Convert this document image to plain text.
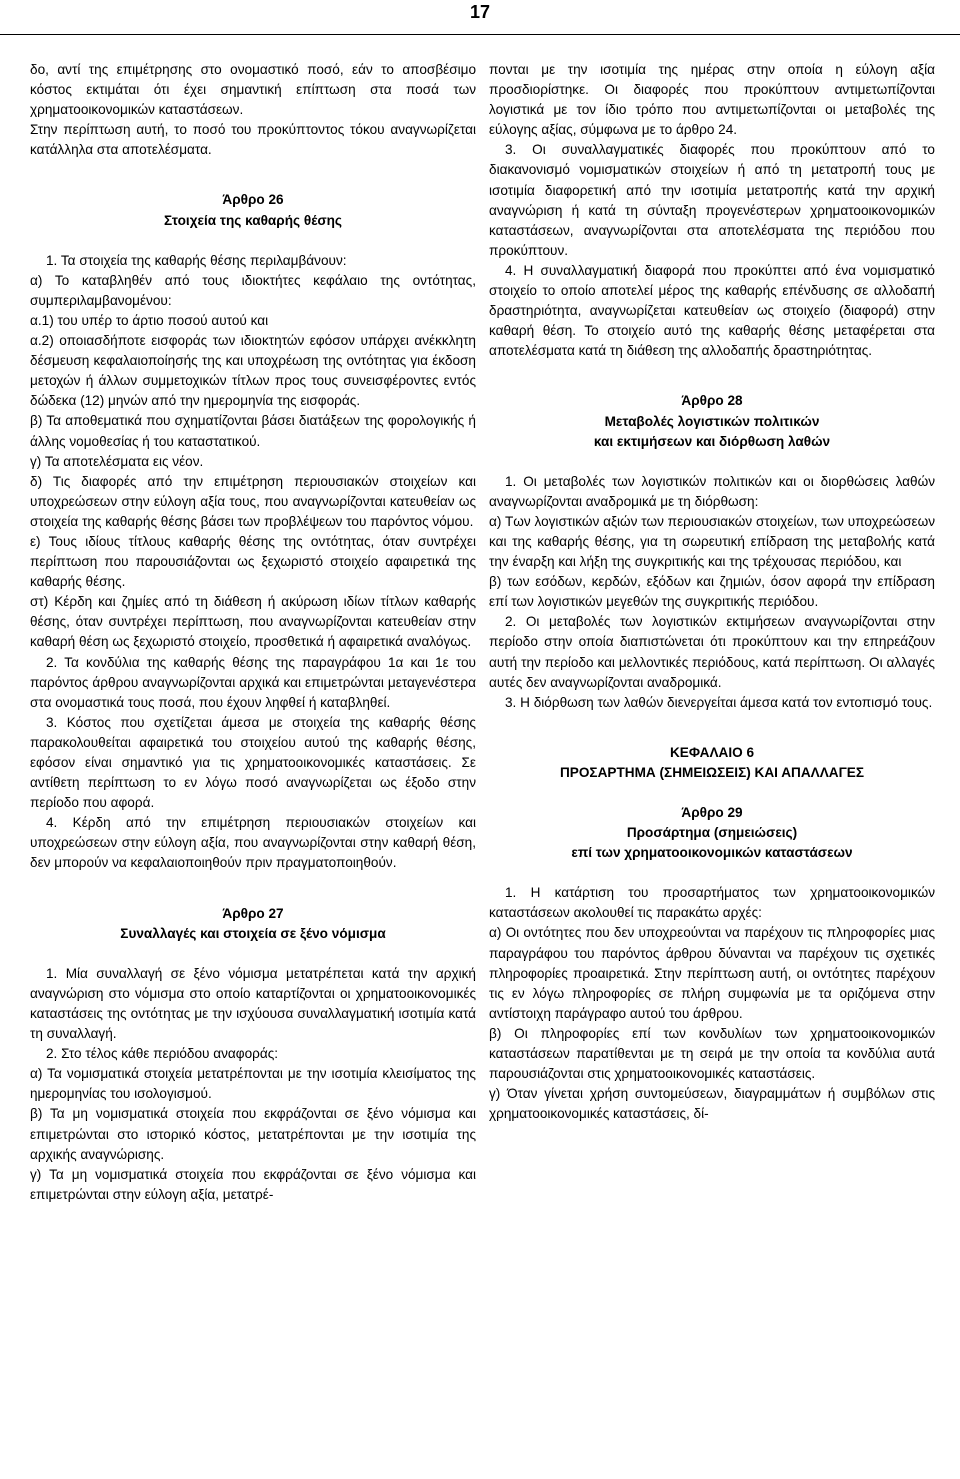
17

δο, αντί της επιμέτρησης στο ονομαστικό ποσό, εάν το αποσβέσιμο κόστος εκτιμάται ότι έχει σημαντική επίπτωση στα ποσά των χρηματοοικονομικών καταστάσεων.

Στην περίπτωση αυτή, το ποσό του προκύπτοντος τόκου αναγνωρίζεται κατάλληλα στα αποτελέσματα.

Άρθρο 26

Στοιχεία της καθαρής θέσης

1. Τα στοιχεία της καθαρής θέσης περιλαμβάνουν:

α) Το καταβληθέν από τους ιδιοκτήτες κεφάλαιο της οντότητας, συμπεριλαμβανομένου:

α.1) του υπέρ το άρτιο ποσού αυτού και

α.2) οποιασδήποτε εισφοράς των ιδιοκτητών εφόσον υπάρχει ανέκκλητη δέσμευση κεφαλαιοποίησής της και υποχρέωση της οντότητας για έκδοση μετοχών ή άλλων συμμετοχικών τίτλων προς τους συνεισφέροντες εντός δώδεκα (12) μηνών από την ημερομηνία της εισφοράς.

β) Τα αποθεματικά που σχηματίζονται βάσει διατάξεων της φορολογικής ή άλλης νομοθεσίας ή του καταστατικού.

γ) Τα αποτελέσματα εις νέον.

δ) Τις διαφορές από την επιμέτρηση περιουσιακών στοιχείων και υποχρεώσεων στην εύλογη αξία τους, που αναγνωρίζονται κατευθείαν ως στοιχεία της καθαρής θέσης βάσει των προβλέψεων του παρόντος νόμου.

ε) Τους ιδίους τίτλους καθαρής θέσης της οντότητας, όταν συντρέχει περίπτωση που παρουσιάζονται ως ξεχωριστό στοιχείο αφαιρετικά της καθαρής θέσης.

στ) Κέρδη και ζημίες από τη διάθεση ή ακύρωση ιδίων τίτλων καθαρής θέσης, όταν συντρέχει περίπτωση, που αναγνωρίζονται κατευθείαν στην καθαρή θέση ως ξεχωριστό στοιχείο, προσθετικά ή αφαιρετικά αναλόγως.

2. Τα κονδύλια της καθαρής θέσης της παραγράφου 1α και 1ε του παρόντος άρθρου αναγνωρίζονται αρχικά και επιμετρώνται μεταγενέστερα στα ονομαστικά τους ποσά, που έχουν ληφθεί ή καταβληθεί.

3. Κόστος που σχετίζεται άμεσα με στοιχεία της καθαρής θέσης παρακολουθείται αφαιρετικά του στοιχείου αυτού της καθαρής θέσης, εφόσον είναι σημαντικό για τις χρηματοοικονομικές καταστάσεις. Σε αντίθετη περίπτωση το εν λόγω ποσό αναγνωρίζεται ως έξοδο στην περίοδο που αφορά.

4. Κέρδη από την επιμέτρηση περιουσιακών στοιχείων και υποχρεώσεων στην εύλογη αξία, που αναγνωρίζονται στην καθαρή θέση, δεν μπορούν να κεφαλαιοποιηθούν πριν πραγματοποιηθούν.

Άρθρο 27

Συναλλαγές και στοιχεία σε ξένο νόμισμα

1. Μία συναλλαγή σε ξένο νόμισμα μετατρέπεται κατά την αρχική αναγνώριση στο νόμισμα στο οποίο καταρτίζονται οι χρηματοοικονομικές καταστάσεις της οντότητας με την ισχύουσα συναλλαγματική ισοτιμία κατά τη συναλλαγή.

2. Στο τέλος κάθε περιόδου αναφοράς:

α) Τα νομισματικά στοιχεία μετατρέπονται με την ισοτιμία κλεισίματος της ημερομηνίας του ισολογισμού.

β) Τα μη νομισματικά στοιχεία που εκφράζονται σε ξένο νόμισμα και επιμετρώνται στο ιστορικό κόστος, μετατρέπονται με την ισοτιμία της αρχικής αναγνώρισης.

γ) Τα μη νομισματικά στοιχεία που εκφράζονται σε ξένο νόμισμα και επιμετρώνται στην εύλογη αξία, μετατρέ-

πονται με την ισοτιμία της ημέρας στην οποία η εύλογη αξία προσδιορίστηκε. Οι διαφορές που προκύπτουν αντιμετωπίζονται λογιστικά με τον ίδιο τρόπο που αντιμετωπίζονται οι μεταβολές της εύλογης αξίας, σύμφωνα με το άρθρο 24.

3. Οι συναλλαγματικές διαφορές που προκύπτουν από το διακανονισμό νομισματικών στοιχείων ή από τη μετατροπή τους με ισοτιμία διαφορετική από την ισοτιμία μετατροπής κατά την αρχική αναγνώριση ή κατά τη σύνταξη προγενέστερων χρηματοοικονομικών καταστάσεων, αναγνωρίζονται στα αποτελέσματα της περιόδου που προκύπτουν.

4. Η συναλλαγματική διαφορά που προκύπτει από ένα νομισματικό στοιχείο το οποίο αποτελεί μέρος της καθαρής επένδυσης σε αλλοδαπή δραστηριότητα, αναγνωρίζεται κατευθείαν ως στοιχείο (διαφορά) στην καθαρή θέση. Το στοιχείο αυτό της καθαρής θέσης μεταφέρεται στα αποτελέσματα κατά τη διάθεση της αλλοδαπής δραστηριότητας.

Άρθρο 28

Μεταβολές λογιστικών πολιτικών

και εκτιμήσεων και διόρθωση λαθών

1. Οι μεταβολές των λογιστικών πολιτικών και οι διορθώσεις λαθών αναγνωρίζονται αναδρομικά με τη διόρθωση:

α) Των λογιστικών αξιών των περιουσιακών στοιχείων, των υποχρεώσεων και της καθαρής θέσης, για τη σωρευτική επίδραση της μεταβολής κατά την έναρξη και λήξη της συγκριτικής και της τρέχουσας περιόδου, και

β) των εσόδων, κερδών, εξόδων και ζημιών, όσον αφορά την επίδραση επί των λογιστικών μεγεθών της συγκριτικής περιόδου.

2. Οι μεταβολές των λογιστικών εκτιμήσεων αναγνωρίζονται στην περίοδο στην οποία διαπιστώνεται ότι προκύπτουν και την επηρεάζουν αυτή την περίοδο και μελλοντικές περιόδους, κατά περίπτωση. Οι αλλαγές αυτές δεν αναγνωρίζονται αναδρομικά.

3. Η διόρθωση των λαθών διενεργείται άμεσα κατά τον εντοπισμό τους.

ΚΕΦΑΛΑΙΟ 6

ΠΡΟΣΑΡΤΗΜΑ (ΣΗΜΕΙΩΣΕΙΣ) ΚΑΙ ΑΠΑΛΛΑΓΕΣ

Άρθρο 29

Προσάρτημα (σημειώσεις)

επί των χρηματοοικονομικών καταστάσεων

1. Η κατάρτιση του προσαρτήματος των χρηματοοικονομικών καταστάσεων ακολουθεί τις παρακάτω αρχές:

α) Οι οντότητες που δεν υποχρεούνται να παρέχουν τις πληροφορίες μιας παραγράφου του παρόντος άρθρου δύνανται να παρέχουν τις σχετικές πληροφορίες προαιρετικά. Στην περίπτωση αυτή, οι οντότητες παρέχουν τις εν λόγω πληροφορίες σε πλήρη συμφωνία με τα οριζόμενα στην αντίστοιχη παράγραφο αυτού του άρθρου.

β) Οι πληροφορίες επί των κονδυλίων των χρηματοοικονομικών καταστάσεων παρατίθενται με τη σειρά με την οποία τα κονδύλια αυτά παρουσιάζονται στις χρηματοοικονομικές καταστάσεις.

γ) Όταν γίνεται χρήση συντομεύσεων, διαγραμμάτων ή συμβόλων στις χρηματοοικονομικές καταστάσεις, δί-
